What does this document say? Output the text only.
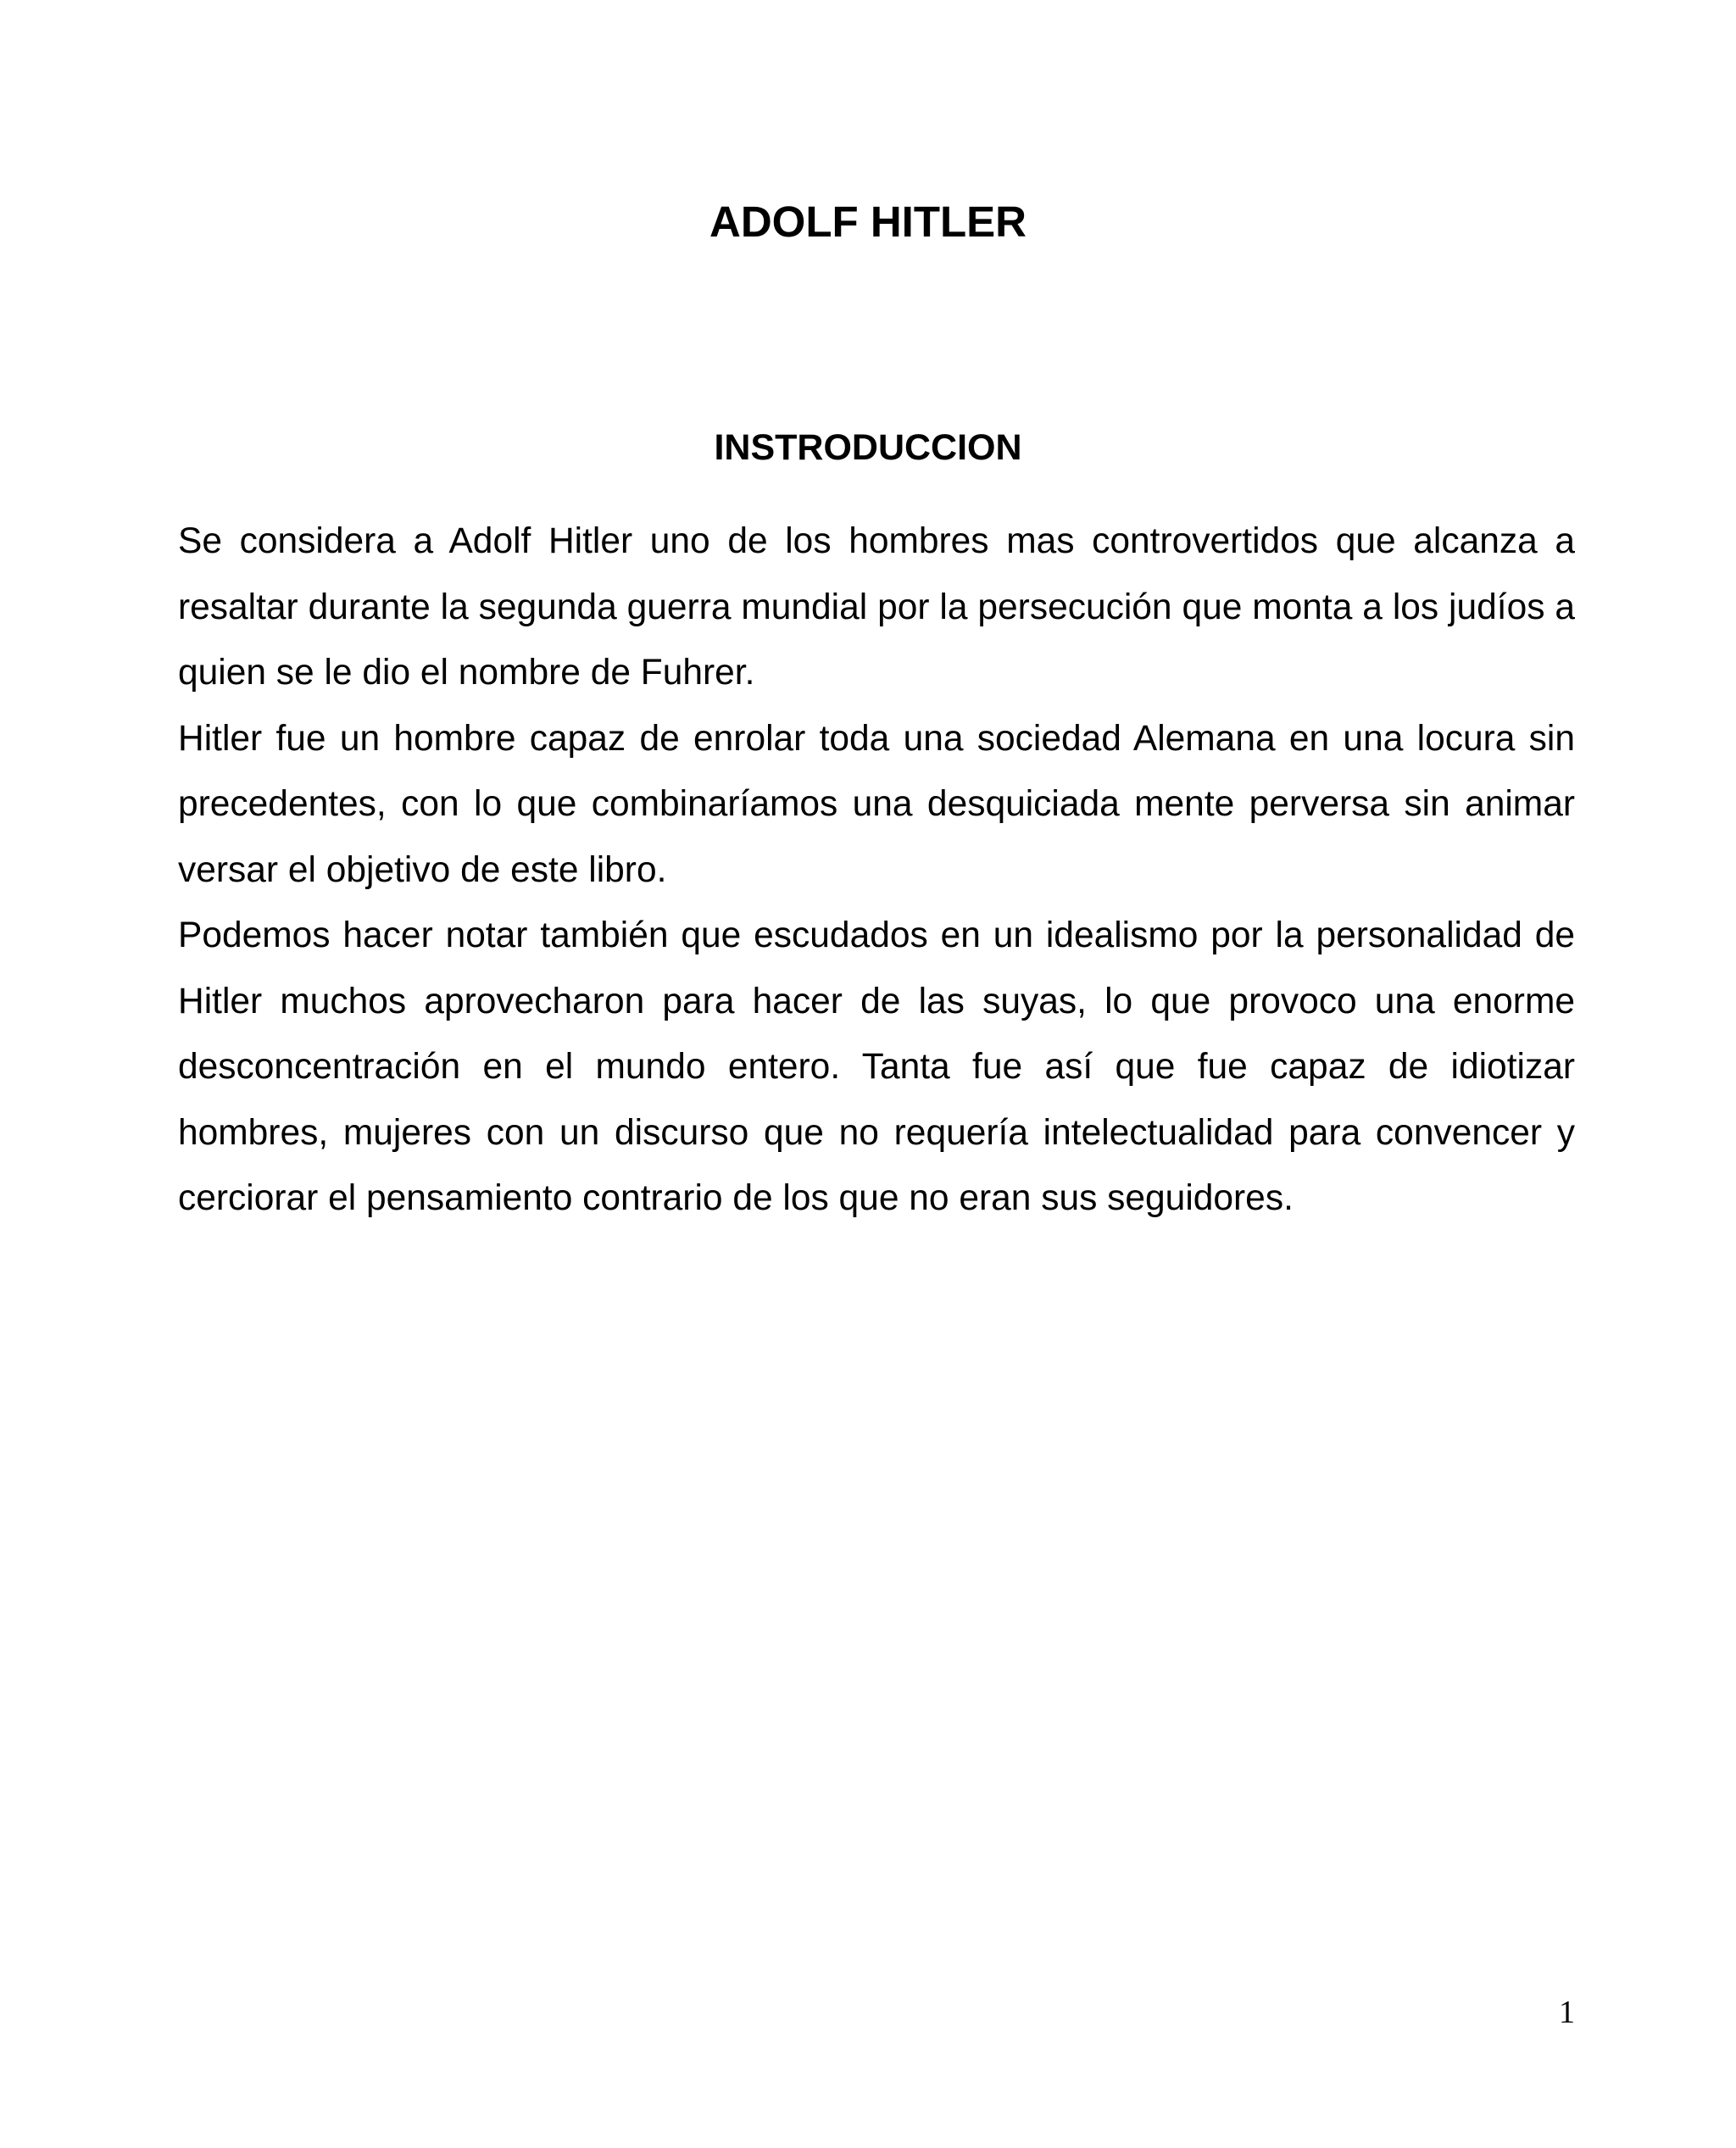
ADOLF HITLER
INSTRODUCCION

Se considera a Adolf Hitler uno de los hombres mas controvertidos que alcanza a resaltar durante la segunda guerra mundial por la persecución que monta a los judíos a quien se le dio el nombre de Fuhrer.

Hitler fue un hombre capaz de enrolar toda una sociedad Alemana en una locura sin precedentes, con lo que combinaríamos una desquiciada mente perversa sin animar versar el objetivo de este libro.

Podemos hacer notar también que escudados en un idealismo por la personalidad de Hitler muchos aprovecharon para hacer de las suyas, lo que provoco una enorme desconcentración en el mundo entero. Tanta fue así que fue capaz de idiotizar hombres, mujeres con un discurso que no requería intelectualidad para convencer y cerciorar el pensamiento contrario de los que no eran sus seguidores.

1
